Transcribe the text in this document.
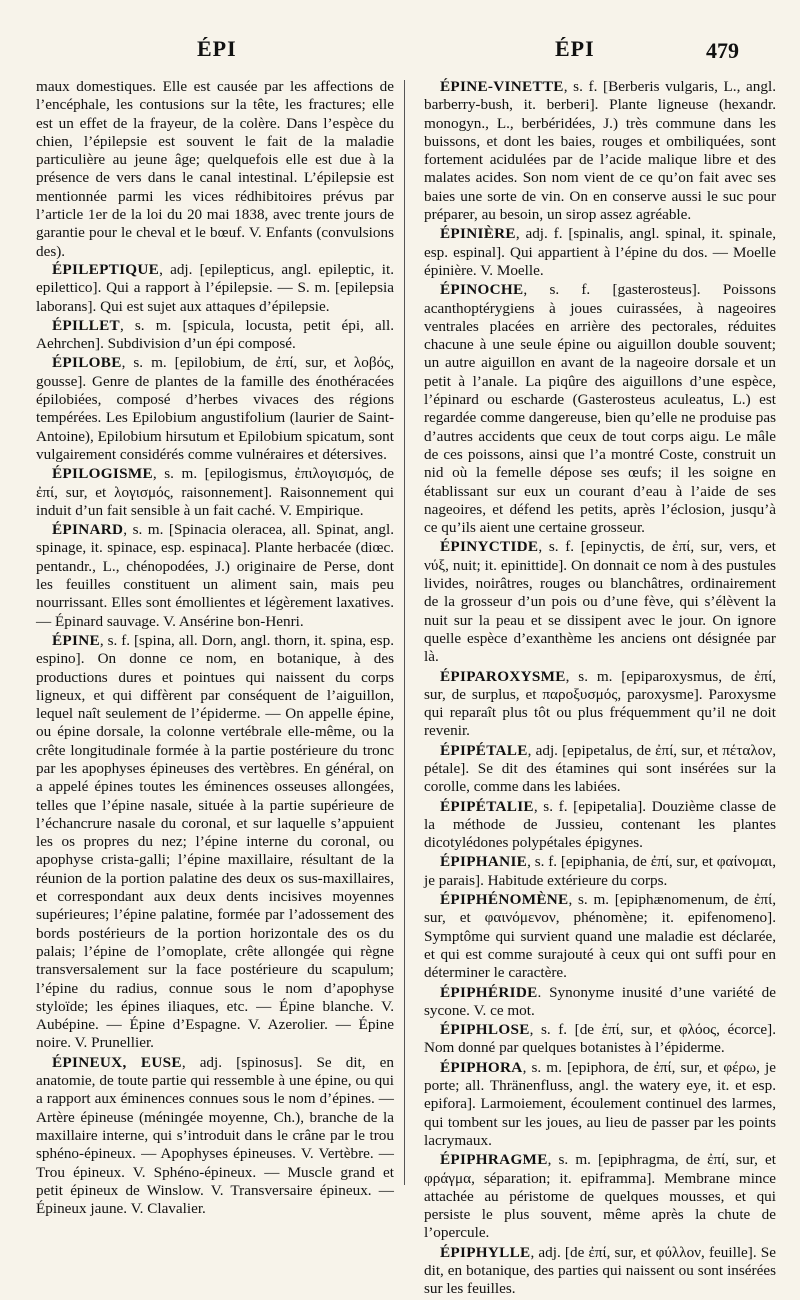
ÉPI	ÉPI	479

maux domestiques. Elle est causée par les affections de l’encéphale, les contusions sur la tête, les fractures; elle est un effet de la frayeur, de la colère. Dans l’espèce du chien, l’épilepsie est souvent le fait de la maladie particulière au jeune âge; quelquefois elle est due à la présence de vers dans le canal intestinal. L’épilepsie est mentionnée parmi les vices rédhibitoires prévus par l’article 1er de la loi du 20 mai 1838, avec trente jours de garantie pour le cheval et le bœuf. V. Enfants (convulsions des).

ÉPILEPTIQUE, adj. [epilepticus, angl. epileptic, it. epilettico]. Qui a rapport à l’épilepsie. — S. m. [epilepsia laborans]. Qui est sujet aux attaques d’épilepsie.

ÉPILLET, s. m. [spicula, locusta, petit épi, all. Aehrchen]. Subdivision d’un épi composé.

ÉPILOBE, s. m. [epilobium, de ἐπί, sur, et λοβός, gousse]. Genre de plantes de la famille des énothéracées épilobiées, composé d’herbes vivaces des régions tempérées. Les Epilobium angustifolium (laurier de Saint-Antoine), Epilobium hirsutum et Epilobium spicatum, sont vulgairement considérés comme vulnéraires et détersives.

ÉPILOGISME, s. m. [epilogismus, ἐπιλογισμός, de ἐπί, sur, et λογισμός, raisonnement]. Raisonnement qui induit d’un fait sensible à un fait caché. V. Empirique.

ÉPINARD, s. m. [Spinacia oleracea, all. Spinat, angl. spinage, it. spinace, esp. espinaca]. Plante herbacée (diœc. pentandr., L., chénopodées, J.) originaire de Perse, dont les feuilles constituent un aliment sain, mais peu nourrissant. Elles sont émollientes et légèrement laxatives. — Épinard sauvage. V. Ansérine bon-Henri.

ÉPINE, s. f. [spina, all. Dorn, angl. thorn, it. spina, esp. espino]. On donne ce nom, en botanique, à des productions dures et pointues qui naissent du corps ligneux, et qui diffèrent par conséquent de l’aiguillon, lequel naît seulement de l’épiderme. — On appelle épine, ou épine dorsale, la colonne vertébrale elle-même, ou la crête longitudinale formée à la partie postérieure du tronc par les apophyses épineuses des vertèbres. En général, on a appelé épines toutes les éminences osseuses allongées, telles que l’épine nasale, située à la partie supérieure de l’échancrure nasale du coronal, et sur laquelle s’appuient les os propres du nez; l’épine interne du coronal, ou apophyse crista-galli; l’épine maxillaire, résultant de la réunion de la portion palatine des deux os sus-maxillaires, et correspondant aux deux dents incisives moyennes supérieures; l’épine palatine, formée par l’adossement des bords postérieurs de la portion horizontale des os du palais; l’épine de l’omoplate, crête allongée qui règne transversalement sur la face postérieure du scapulum; l’épine du radius, connue sous le nom d’apophyse styloïde; les épines iliaques, etc. — Épine blanche. V. Aubépine. — Épine d’Espagne. V. Azerolier. — Épine noire. V. Prunellier.

ÉPINEUX, EUSE, adj. [spinosus]. Se dit, en anatomie, de toute partie qui ressemble à une épine, ou qui a rapport aux éminences connues sous le nom d’épines. — Artère épineuse (méningée moyenne, Ch.), branche de la maxillaire interne, qui s’introduit dans le crâne par le trou sphéno-épineux. — Apophyses épineuses. V. Vertèbre. — Trou épineux. V. Sphéno-épineux. — Muscle grand et petit épineux de Winslow. V. Transversaire épineux. — Épineux jaune. V. Clavalier.

ÉPINE-VINETTE, s. f. [Berberis vulgaris, L., angl. barberry-bush, it. berberi]. Plante ligneuse (hexandr. monogyn., L., berbéridées, J.) très commune dans les buissons, et dont les baies, rouges et ombiliquées, sont fortement acidulées par de l’acide malique libre et des malates acides. Son nom vient de ce qu’on fait avec ses baies une sorte de vin. On en conserve aussi le suc pour préparer, au besoin, un sirop assez agréable.

ÉPINIÈRE, adj. f. [spinalis, angl. spinal, it. spinale, esp. espinal]. Qui appartient à l’épine du dos. — Moelle épinière. V. Moelle.

ÉPINOCHE, s. f. [gasterosteus]. Poissons acanthoptérygiens à joues cuirassées, à nageoires ventrales placées en arrière des pectorales, réduites chacune à une seule épine ou aiguillon double souvent; un autre aiguillon en avant de la nageoire dorsale et un petit à l’anale. La piqûre des aiguillons d’une espèce, l’épinard ou escharde (Gasterosteus aculeatus, L.) est regardée comme dangereuse, bien qu’elle ne produise pas d’autres accidents que ceux de tout corps aigu. Le mâle de ces poissons, ainsi que l’a montré Coste, construit un nid où la femelle dépose ses œufs; il les soigne en établissant sur eux un courant d’eau à l’aide de ses nageoires, et défend les petits, après l’éclosion, jusqu’à ce qu’ils aient une certaine grosseur.

ÉPINYCTIDE, s. f. [epinyctis, de ἐπί, sur, vers, et νύξ, nuit; it. epinittide]. On donnait ce nom à des pustules livides, noirâtres, rouges ou blanchâtres, ordinairement de la grosseur d’un pois ou d’une fève, qui s’élèvent la nuit sur la peau et se dissipent avec le jour. On ignore quelle espèce d’exanthème les anciens ont désignée par là.

ÉPIPAROXYSME, s. m. [epiparoxysmus, de ἐπί, sur, de surplus, et παροξυσμός, paroxysme]. Paroxysme qui reparaît plus tôt ou plus fréquemment qu’il ne doit revenir.

ÉPIPÉTALE, adj. [epipetalus, de ἐπί, sur, et πέταλον, pétale]. Se dit des étamines qui sont insérées sur la corolle, comme dans les labiées.

ÉPIPÉTALIE, s. f. [epipetalia]. Douzième classe de la méthode de Jussieu, contenant les plantes dicotylédones polypétales épigynes.

ÉPIPHANIE, s. f. [epiphania, de ἐπί, sur, et φαίνομαι, je parais]. Habitude extérieure du corps.

ÉPIPHÉNOMÈNE, s. m. [epiphænomenum, de ἐπί, sur, et φαινόμενον, phénomène; it. epifenomeno]. Symptôme qui survient quand une maladie est déclarée, et qui est comme surajouté à ceux qui ont suffi pour en déterminer le caractère.

ÉPIPHÉRIDE. Synonyme inusité d’une variété de sycone. V. ce mot.

ÉPIPHLOSE, s. f. [de ἐπί, sur, et φλόος, écorce]. Nom donné par quelques botanistes à l’épiderme.

ÉPIPHORA, s. m. [epiphora, de ἐπί, sur, et φέρω, je porte; all. Thränenfluss, angl. the watery eye, it. et esp. epifora]. Larmoiement, écoulement continuel des larmes, qui tombent sur les joues, au lieu de passer par les points lacrymaux.

ÉPIPHRAGME, s. m. [epiphragma, de ἐπί, sur, et φράγμα, séparation; it. epiframma]. Membrane mince attachée au péristome de quelques mousses, et qui persiste le plus souvent, même après la chute de l’opercule.

ÉPIPHYLLE, adj. [de ἐπί, sur, et φύλλον, feuille]. Se dit, en botanique, des parties qui naissent ou sont insérées sur les feuilles.
